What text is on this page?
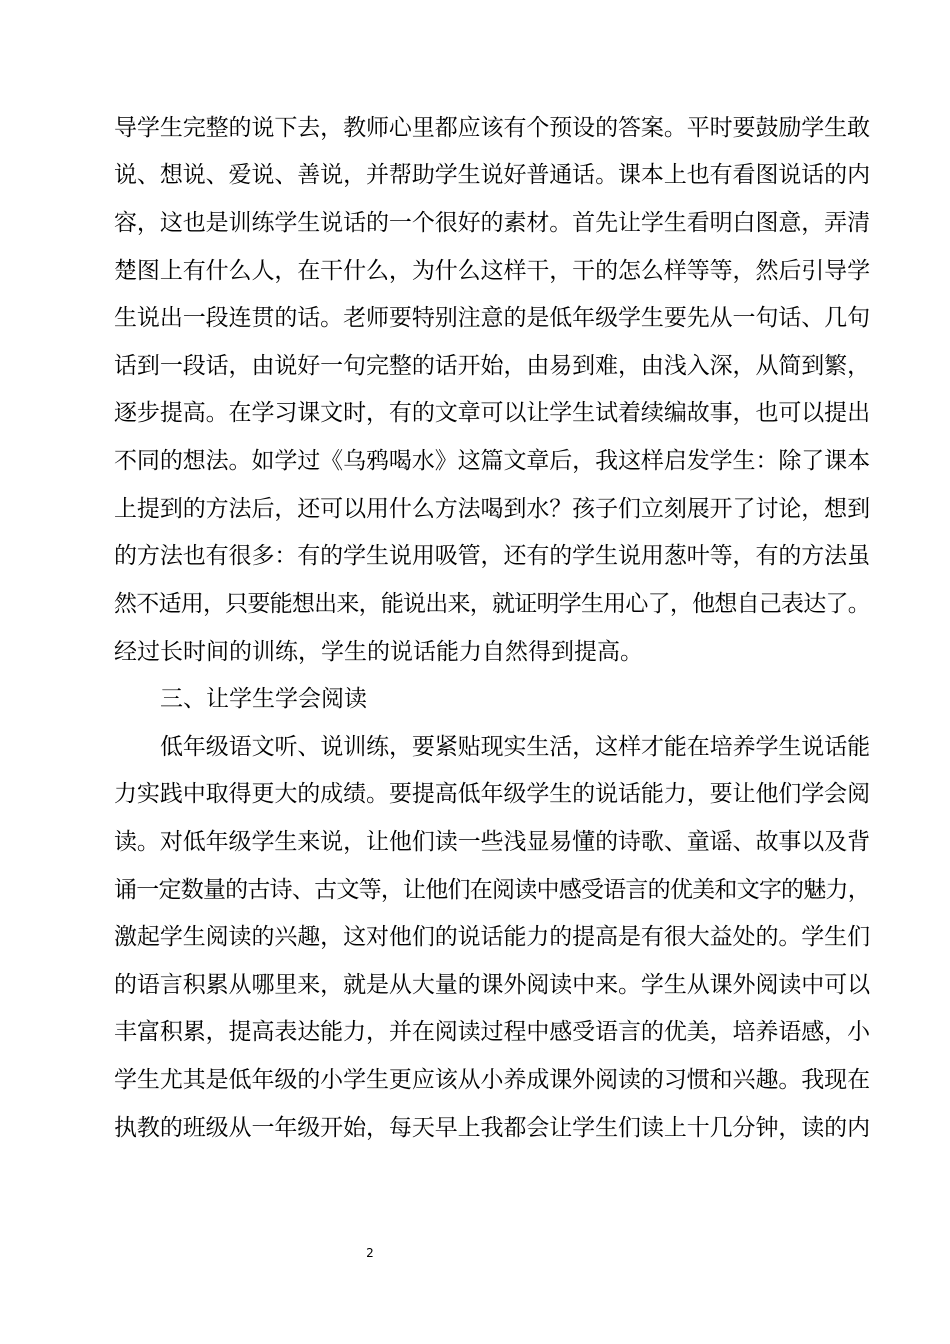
导学生完整的说下去，教师心里都应该有个预设的答案。平时要鼓励学生敢
说、想说、爱说、善说，并帮助学生说好普通话。课本上也有看图说话的内
容，这也是训练学生说话的一个很好的素材。首先让学生看明白图意，弄清
楚图上有什么人，在干什么，为什么这样干，干的怎么样等等，然后引导学
生说出一段连贯的话。老师要特别注意的是低年级学生要先从一句话、几句
话到一段话，由说好一句完整的话开始，由易到难，由浅入深，从简到繁，
逐步提高。在学习课文时，有的文章可以让学生试着续编故事，也可以提出
不同的想法。如学过《乌鸦喝水》这篇文章后，我这样启发学生：除了课本
上提到的方法后，还可以用什么方法喝到水？孩子们立刻展开了讨论，想到
的方法也有很多：有的学生说用吸管，还有的学生说用葱叶等，有的方法虽
然不适用，只要能想出来，能说出来，就证明学生用心了，他想自己表达了。
经过长时间的训练，学生的说话能力自然得到提高。
三、让学生学会阅读
低年级语文听、说训练，要紧贴现实生活，这样才能在培养学生说话能
力实践中取得更大的成绩。要提高低年级学生的说话能力，要让他们学会阅
读。对低年级学生来说，让他们读一些浅显易懂的诗歌、童谣、故事以及背
诵一定数量的古诗、古文等，让他们在阅读中感受语言的优美和文字的魅力，
激起学生阅读的兴趣，这对他们的说话能力的提高是有很大益处的。学生们
的语言积累从哪里来，就是从大量的课外阅读中来。学生从课外阅读中可以
丰富积累，提高表达能力，并在阅读过程中感受语言的优美，培养语感，小
学生尤其是低年级的小学生更应该从小养成课外阅读的习惯和兴趣。我现在
执教的班级从一年级开始，每天早上我都会让学生们读上十几分钟，读的内
2
